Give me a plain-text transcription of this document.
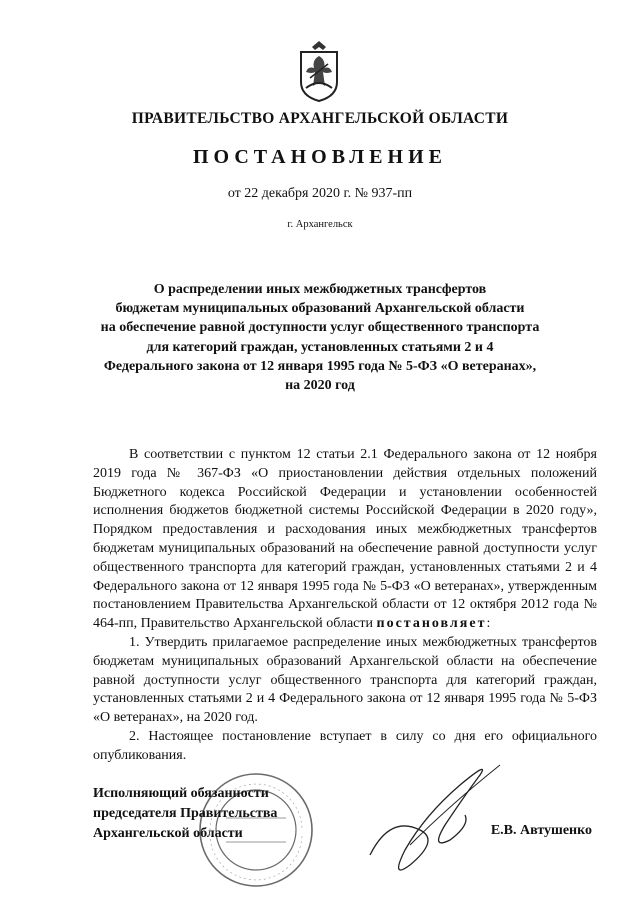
ПРАВИТЕЛЬСТВО АРХАНГЕЛЬСКОЙ ОБЛАСТИ
ПОСТАНОВЛЕНИЕ
от 22 декабря 2020 г. № 937-пп
г. Архангельск
О распределении иных межбюджетных трансфертов
бюджетам муниципальных образований Архангельской области
на обеспечение равной доступности услуг общественного транспорта
для категорий граждан, установленных статьями 2 и 4
Федерального закона от 12 января 1995 года № 5-ФЗ «О ветеранах»,
на 2020 год

В соответствии с пунктом 12 статьи 2.1 Федерального закона от 12 ноября 2019 года № 367-ФЗ «О приостановлении действия отдельных положений Бюджетного кодекса Российской Федерации и установлении особенностей исполнения бюджетов бюджетной системы Российской Федерации в 2020 году», Порядком предоставления и расходования иных межбюджетных трансфертов бюджетам муниципальных образований на обеспечение равной доступности услуг общественного транспорта для категорий граждан, установленных статьями 2 и 4 Федерального закона от 12 января 1995 года № 5-ФЗ «О ветеранах», утвержденным постановлением Правительства Архангельской области от 12 октября 2012 года № 464-пп, Правительство Архангельской области постановляет:

1. Утвердить прилагаемое распределение иных межбюджетных трансфертов бюджетам муниципальных образований Архангельской области на обеспечение равной доступности услуг общественного транспорта для категорий граждан, установленных статьями 2 и 4 Федерального закона от 12 января 1995 года № 5-ФЗ «О ветеранах», на 2020 год.

2. Настоящее постановление вступает в силу со дня его официального опубликования.

Исполняющий обязанности
председателя Правительства
Архангельской области	Е.В. Автушенко
